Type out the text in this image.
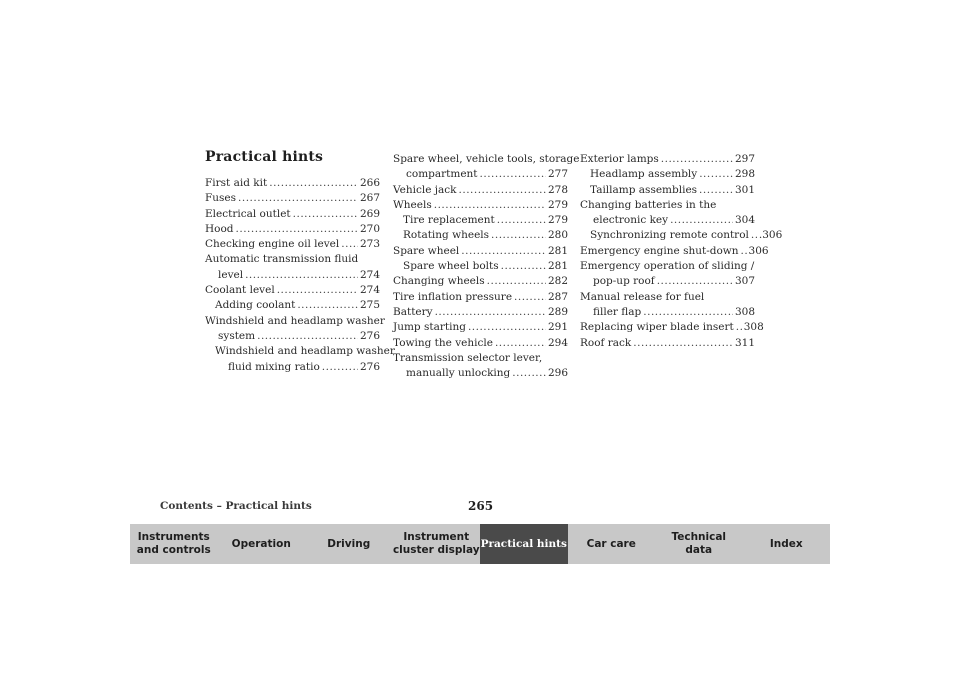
Practical hints
First aid kit .....	266
Fuses .....	267
Electrical outlet .....	269
Hood .....	270
Checking engine oil level ..... 273
Automatic transmission fluid
level .....	274
Coolant level .....	274
Adding coolant .....	275
Windshield and headlamp washer
system .....	276
Windshield and headlamp washer
fluid mixing ratio .....	276
Spare wheel, vehicle tools, storage
compartment .....	277
Vehicle jack .....	278
Wheels .....	279
Tire replacement .....	279
Rotating wheels .....	280
Spare wheel .....	281
Spare wheel bolts .....	281
Changing wheels .....	282
Tire inflation pressure .....	287
Battery .....	289
Jump starting .....	291
Towing the vehicle .....	294
Transmission selector lever,
manually unlocking .....	296
Exterior lamps .....	297
Headlamp assembly .....	298
Taillamp assemblies .....	301
Changing batteries in the
electronic key .....	304
Synchronizing remote control ..... .306
Emergency engine shut-down ..... 306
Emergency operation of sliding /
pop-up roof .....	307
Manual release for fuel
filler flap .....	308
Replacing wiper blade insert ..... 308
Roof rack .....	311
Contents – Practical hints	265
Instruments
and controls
Operation	Driving
Instrument
cluster display
Practical hints	Car care
Technical
data
Index
